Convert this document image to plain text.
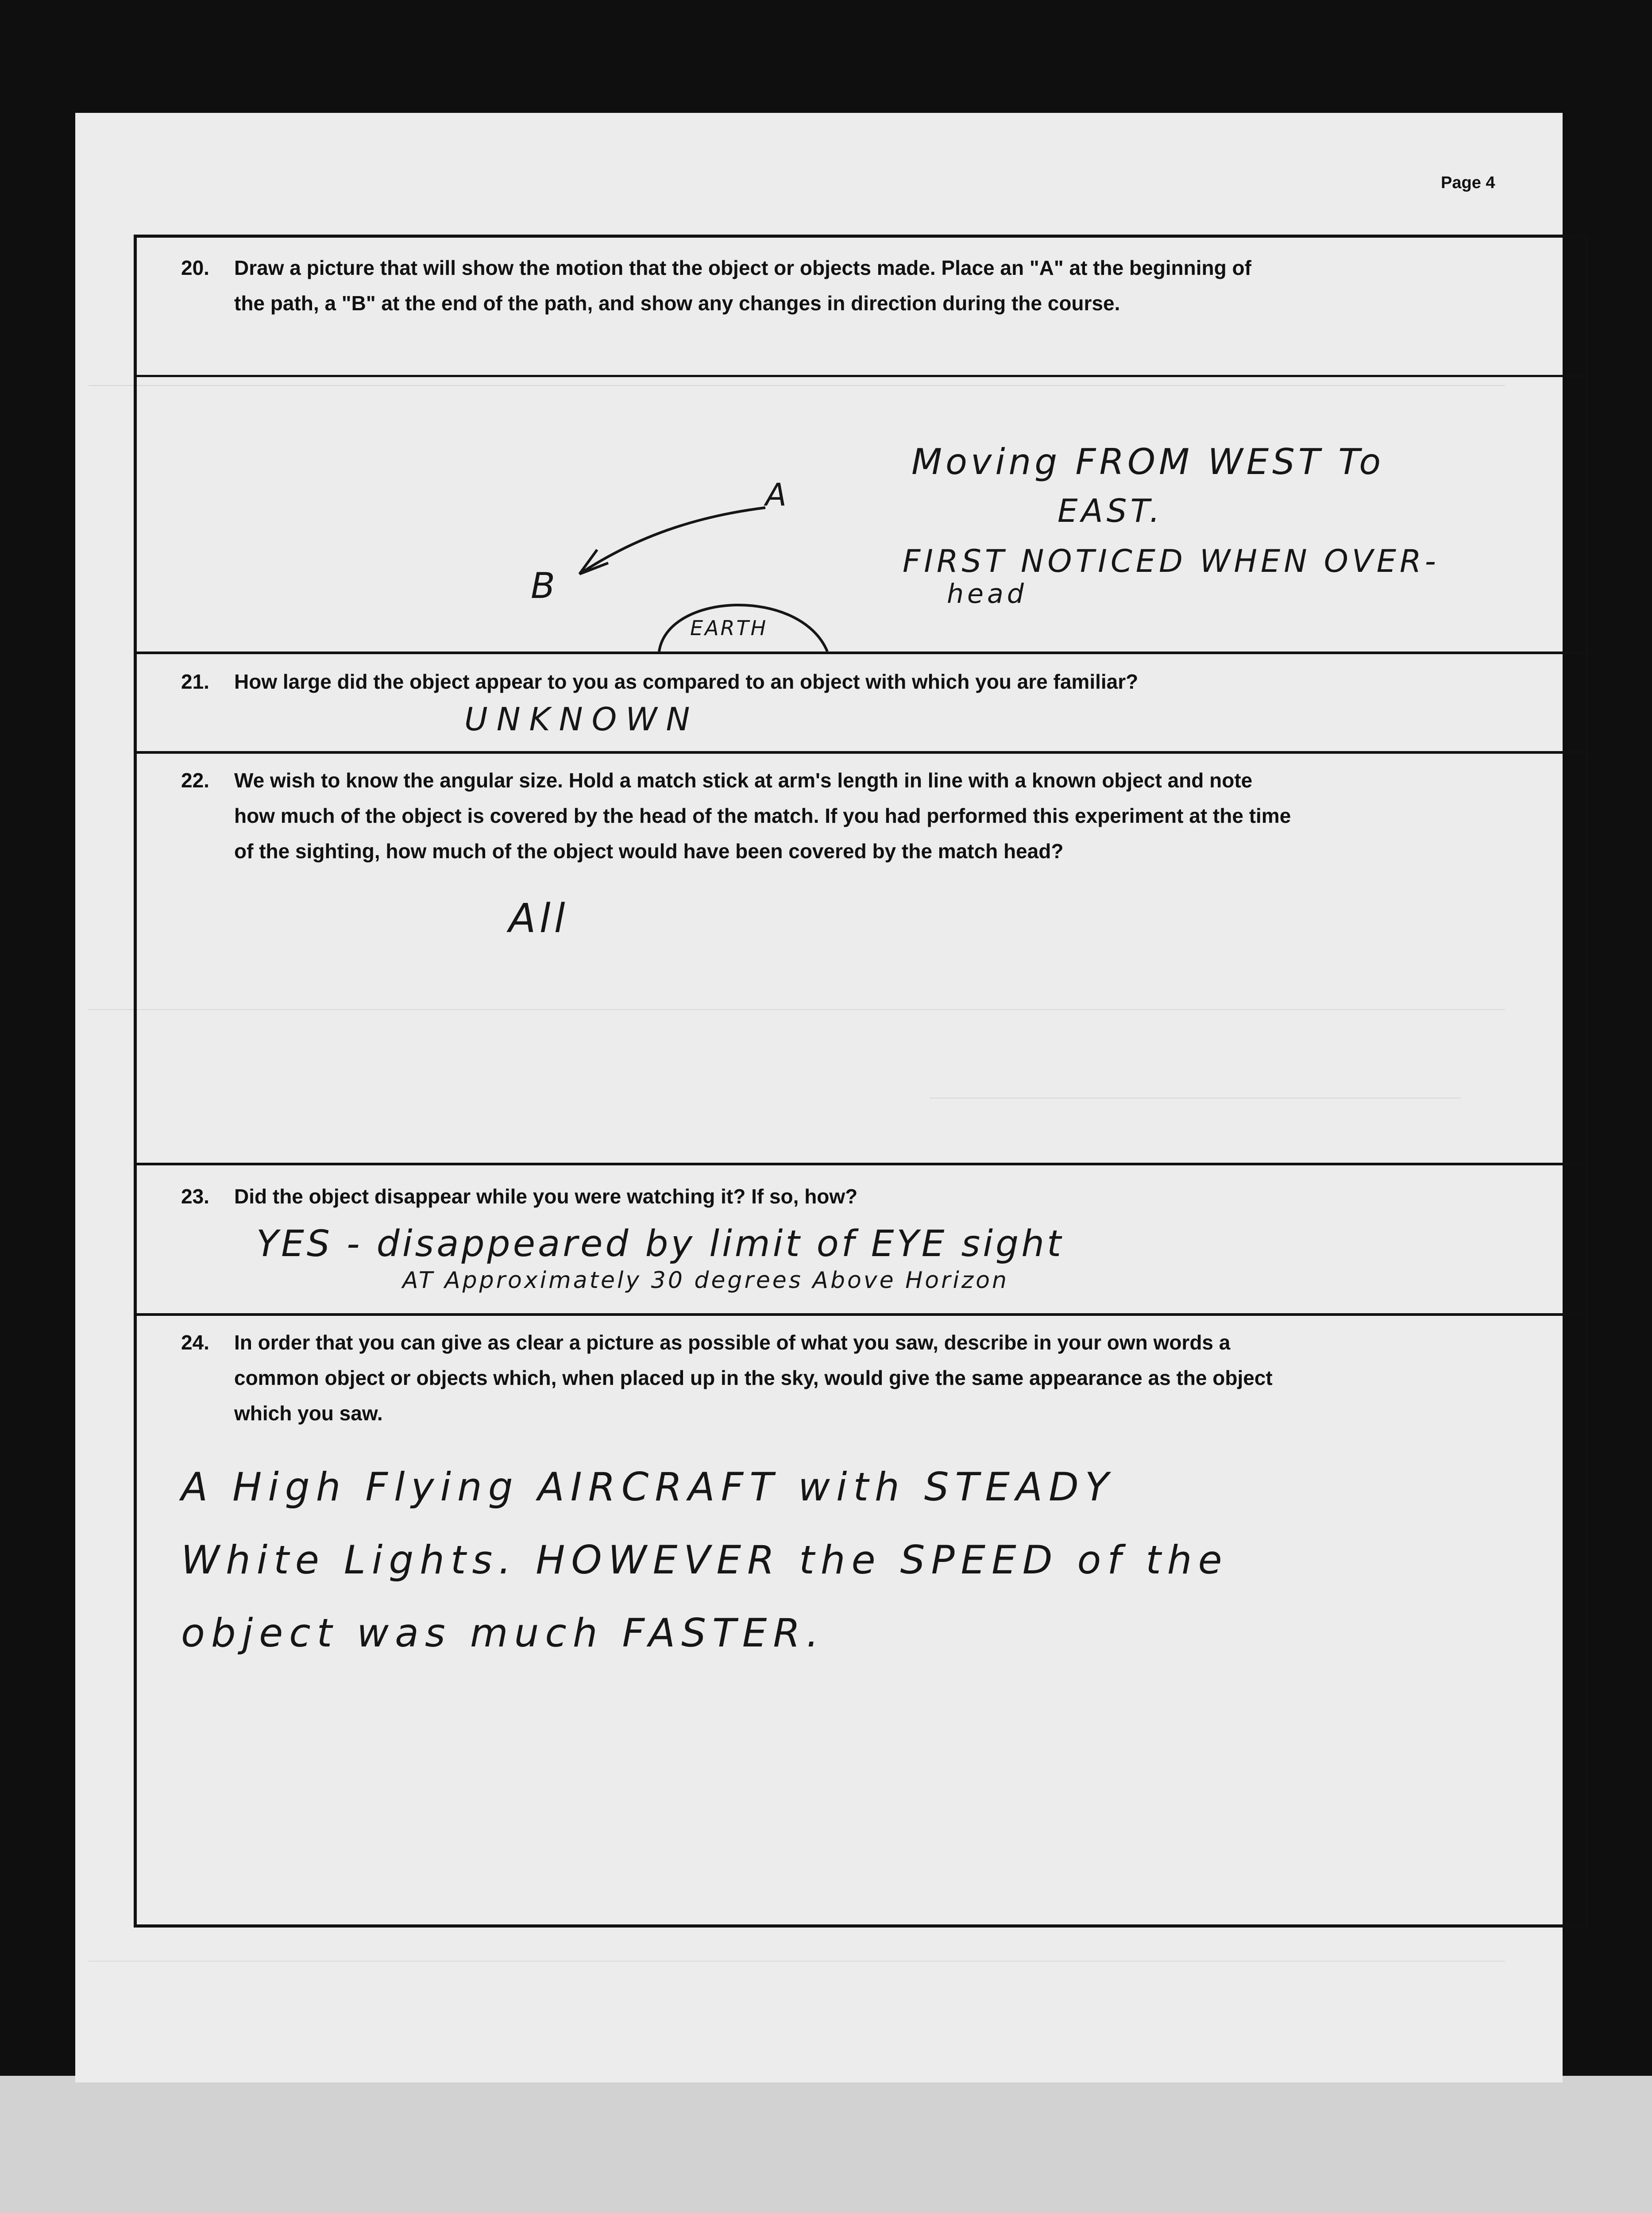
Page 4
20. Draw a picture that will show the motion that the object or objects made. Place an "A" at the beginning of
the path, a "B" at the end of the path, and show any changes in direction during the course.
Moving FROM WEST To
EAST.
FIRST NOTICED WHEN OVER-
head
A
B
EARTH
21. How large did the object appear to you as compared to an object with which you are familiar?
UNKNOWN
22. We wish to know the angular size. Hold a match stick at arm's length in line with a known object and note
how much of the object is covered by the head of the match. If you had performed this experiment at the time
of the sighting, how much of the object would have been covered by the match head?
All
23. Did the object disappear while you were watching it? If so, how?
YES - disappeared by limit of EYE sight
AT Approximately 30 degrees Above Horizon
24. In order that you can give as clear a picture as possible of what you saw, describe in your own words a
common object or objects which, when placed up in the sky, would give the same appearance as the object
which you saw.
A High Flying AIRCRAFT with STEADY
White Lights. HOWEVER the SPEED of the
object was much FASTER.
